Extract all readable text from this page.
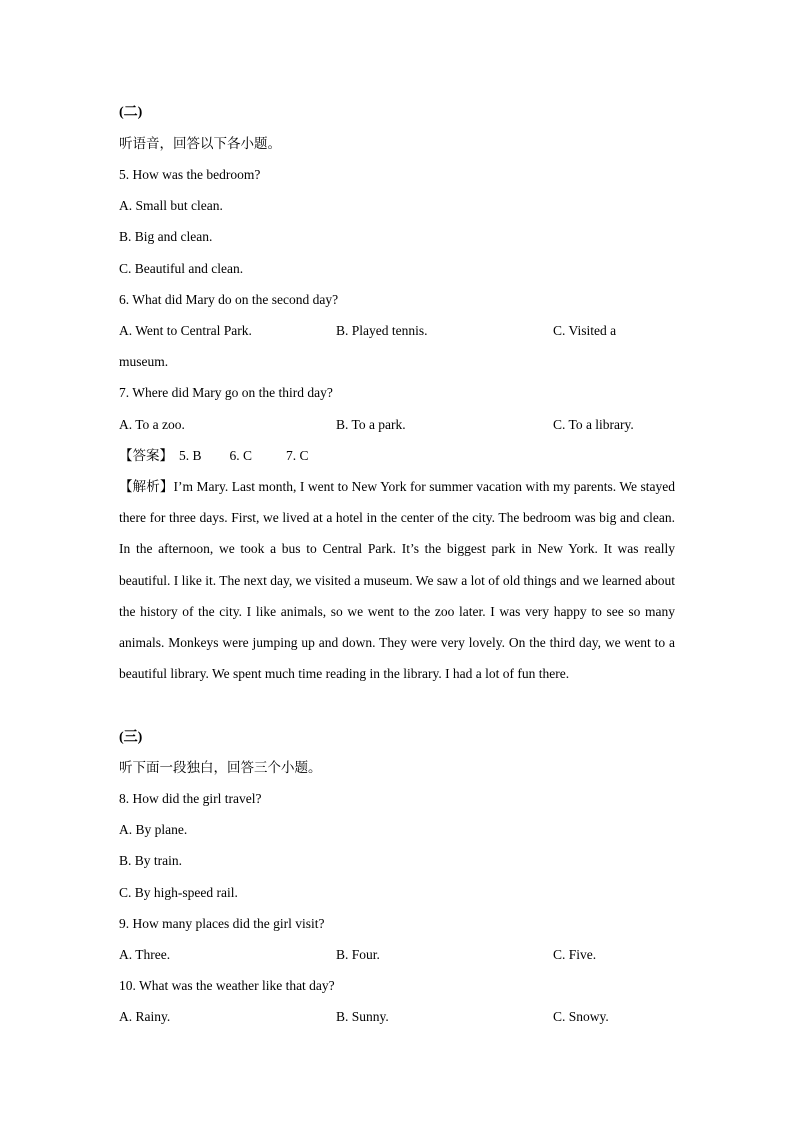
(二)
听语音，回答以下各小题。
5. How was the bedroom?
A. Small but clean.
B. Big and clean.
C. Beautiful and clean.
6. What did Mary do on the second day?
A. Went to Central Park.	B. Played tennis.	C. Visited a
museum.
7. Where did Mary go on the third day?
A. To a zoo.	B. To a park.	C. To a library.
【答案】 5. B 6. C	7. C
【解析】I’m Mary. Last month, I went to New York for summer vacation with my parents. We stayed there for three days. First, we lived at a hotel in the center of the city. The bedroom was big and clean. In the afternoon, we took a bus to Central Park. It’s the biggest park in New York. It was really beautiful. I like it. The next day, we visited a museum. We saw a lot of old things and we learned about the history of the city. I like animals, so we went to the zoo later. I was very happy to see so many animals. Monkeys were jumping up and down. They were very lovely. On the third day, we went to a beautiful library. We spent much time reading in the library. I had a lot of fun there.
(三)
听下面一段独白，回答三个小题。
8. How did the girl travel?
A. By plane.
B. By train.
C. By high-speed rail.
9. How many places did the girl visit?
A. Three.	B. Four.	C. Five.
10. What was the weather like that day?
A. Rainy.	B. Sunny.	C. Snowy.
